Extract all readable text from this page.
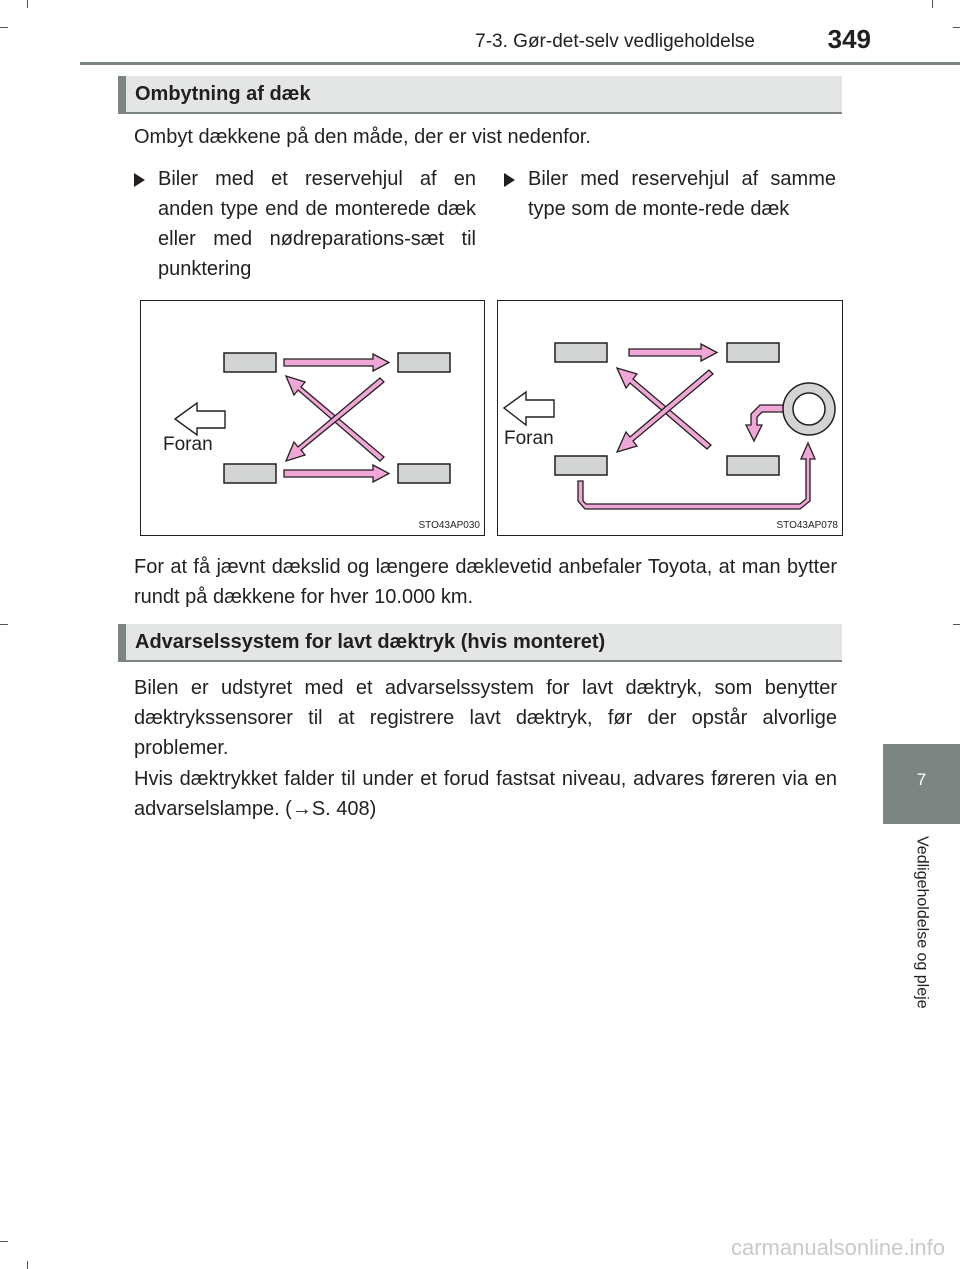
7-3. Gør-det-selv vedligeholdelse	349
7
Vedligeholdelse og pleje
Ombytning af dæk
Ombyt dækkene på den måde, der er vist nedenfor.
Biler med et reservehjul af en anden type end de monterede dæk eller med nødreparations-sæt til punktering
Biler med reservehjul af samme type som de monte-rede dæk
Foran
STO43AP030
Foran
STO43AP078
For at få jævnt dækslid og længere dæklevetid anbefaler Toyota, at man bytter rundt på dækkene for hver 10.000 km.
Advarselssystem for lavt dæktryk (hvis monteret)
Bilen er udstyret med et advarselssystem for lavt dæktryk, som benytter dæktrykssensorer til at registrere lavt dæktryk, før der opstår alvorlige problemer.
Hvis dæktrykket falder til under et forud fastsat niveau, advares føreren via en advarselslampe. (→S. 408)
carmanualsonline.info
